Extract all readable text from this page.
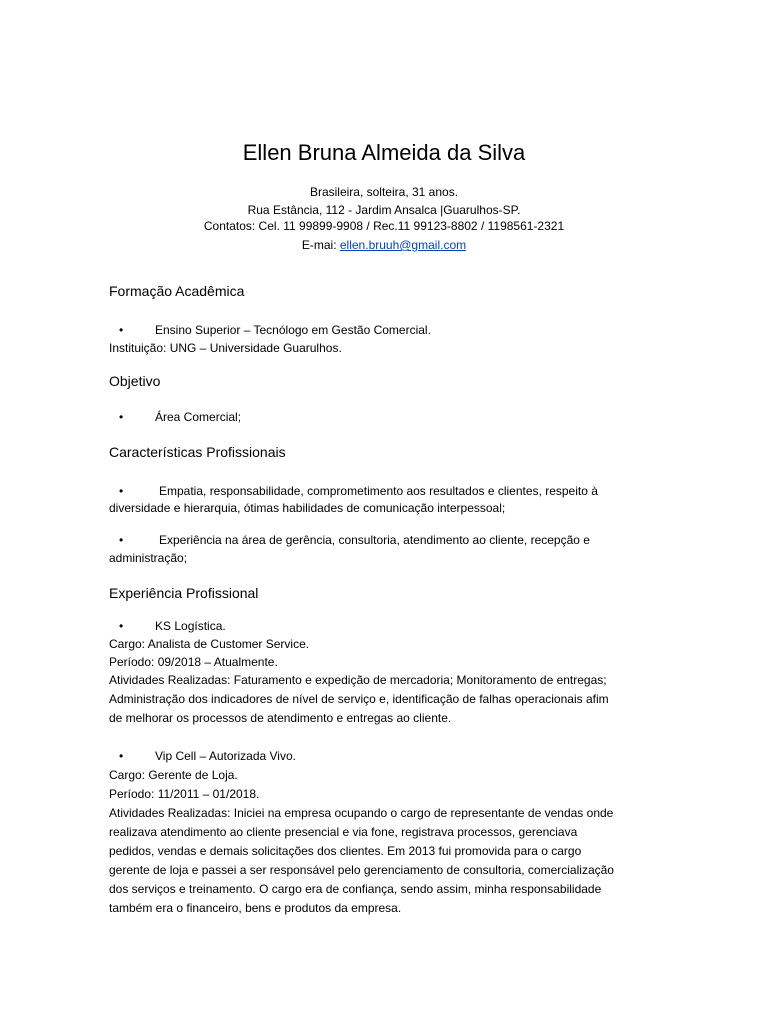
Ellen Bruna Almeida da Silva
Brasileira, solteira, 31 anos.
Rua Estância, 112 - Jardim Ansalca |Guarulhos-SP.
Contatos: Cel. 11 99899-9908 / Rec.11 99123-8802 / 1198561-2321
E-mai: ellen.bruuh@gmail.com
Formação Acadêmica
•	Ensino Superior – Tecnólogo em Gestão Comercial.
Instituição: UNG – Universidade Guarulhos.
Objetivo
•	Área Comercial;
Características Profissionais
•	Empatia, responsabilidade, comprometimento aos resultados e clientes, respeito à
diversidade e hierarquia, ótimas habilidades de comunicação interpessoal;
•	Experiência na área de gerência, consultoria, atendimento ao cliente, recepção e
administração;
Experiência Profissional
•	KS Logística.
Cargo: Analista de Customer Service.
Período: 09/2018 – Atualmente.
Atividades Realizadas: Faturamento e expedição de mercadoria; Monitoramento de entregas;
Administração dos indicadores de nível de serviço e, identificação de falhas operacionais afim
de melhorar os processos de atendimento e entregas ao cliente.
•	Vip Cell – Autorizada Vivo.
Cargo: Gerente de Loja.
Período: 11/2011 – 01/2018.
Atividades Realizadas: Iniciei na empresa ocupando o cargo de representante de vendas onde
realizava atendimento ao cliente presencial e via fone, registrava processos, gerenciava
pedidos, vendas e demais solicitações dos clientes. Em 2013 fui promovida para o cargo
gerente de loja e passei a ser responsável pelo gerenciamento de consultoria, comercialização
dos serviços e treinamento. O cargo era de confiança, sendo assim, minha responsabilidade
também era o financeiro, bens e produtos da empresa.
